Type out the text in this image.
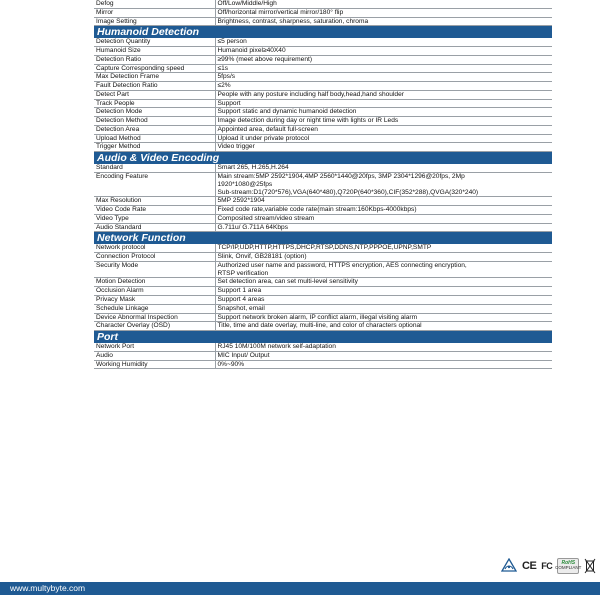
Defog	Off/Low/Middle/High
Mirror	Off/horizontal mirror/vertical mirror/180° flip
Image Setting	Brightness, contrast, sharpness, saturation, chroma
Humanoid Detection	
Detection Quantity	≤5 person
Humanoid Size	Humanoid pixel≥40X40
Detection Ratio	≥99% (meet above requirement)
Capture Corresponding speed	≤1s
Max Detection Frame	5fps/s
Fault Detection Ratio	≤2%
Detect Part	People with any posture including half body,head,hand shoulder
Track People	Support
Detection Mode	Support static and dynamic humanoid detection
Detection Method	Image detection during day or night time with lights or IR Leds
Detection Area	Appointed area, default full-screen
Upload Method	Upload it under private protocol
Trigger Method	Video trigger
Audio & Video Encoding	
Standard	Smart 265, H.265,H.264
Encoding Feature	Main stream:5MP 2592*1904,4MP 2560*1440@20fps, 3MP 2304*1296@20fps, 2Mp
1920*1080@25fps
Sub-stream:D1(720*576),VGA(640*480),Q720P(640*360),CIF(352*288),QVGA(320*240)

Max Resolution	5MP 2592*1904
Video Code Rate	Fixed code rate,variable code rate(main stream:160Kbps-4000kbps)
Video Type	Composited stream/video stream
Audio Standard	G.711u/ G.711A 64Kbps
Network Function	
Network protocol	TCP/IP,UDP,HTTP,HTTPS,DHCP,RTSP,DDNS,NTP,PPPOE,UPNP,SMTP
Connection Protocol	Slink, Onvif, GB28181 (option)
Security Mode	Authorized user name and password, HTTPS encryption, AES connecting encryption,
RTSP verification
Motion Detection	Set detection area, can set multi-level sensitivity
Occlusion Alarm	Support 1 area
Privacy Mask	Support 4 areas
Schedule Linkage	Snapshot, email
Device Abnormal Inspection	Support network broken alarm, IP conflict alarm, illegal visiting alarm
Character Overlay (OSD)	Title, time and date overlay, multi-line, and color of characters optional
Port	
Network Port	RJ45 10M/100M network self-adaptation
Audio	MIC Input/ Output
Working Humidity	0%~90%
CE FC RoHS
COMPLIANT
www.multybyte.com
